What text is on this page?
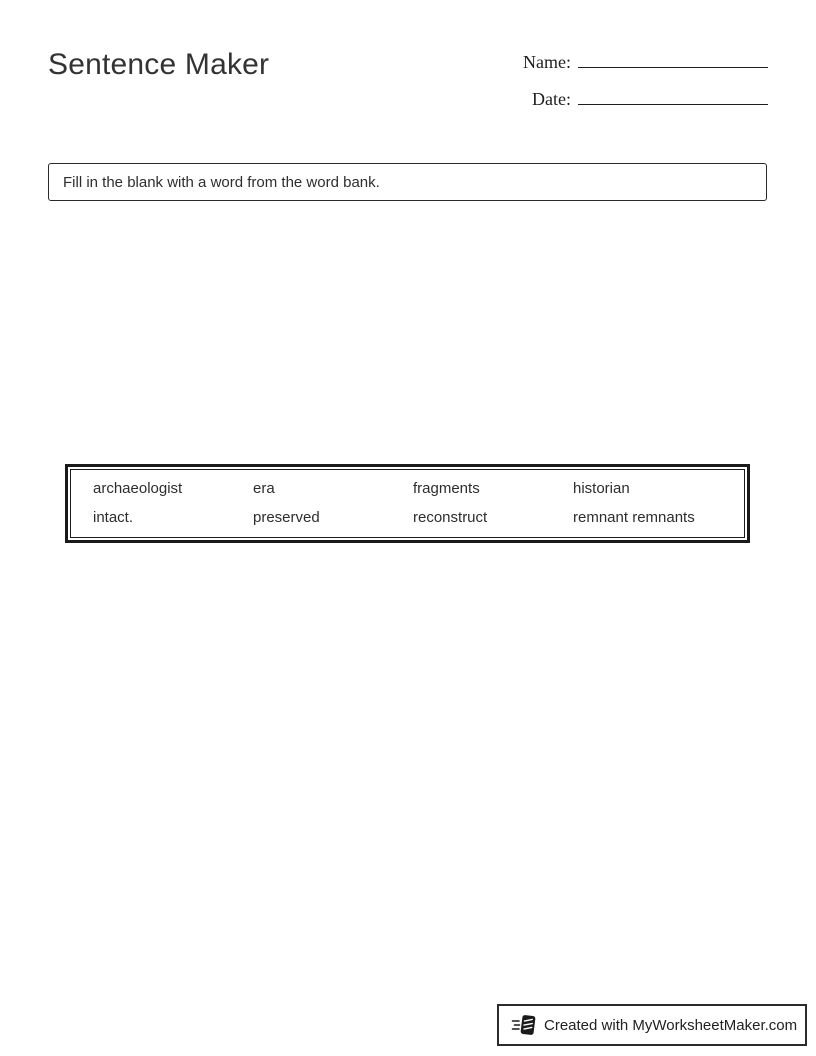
Sentence Maker	Name:
Date:
Fill in the blank with a word from the word bank.
archaeologist	era	fragments	historian
intact.	preserved	reconstruct	remnant remnants
Created with MyWorksheetMaker.com
